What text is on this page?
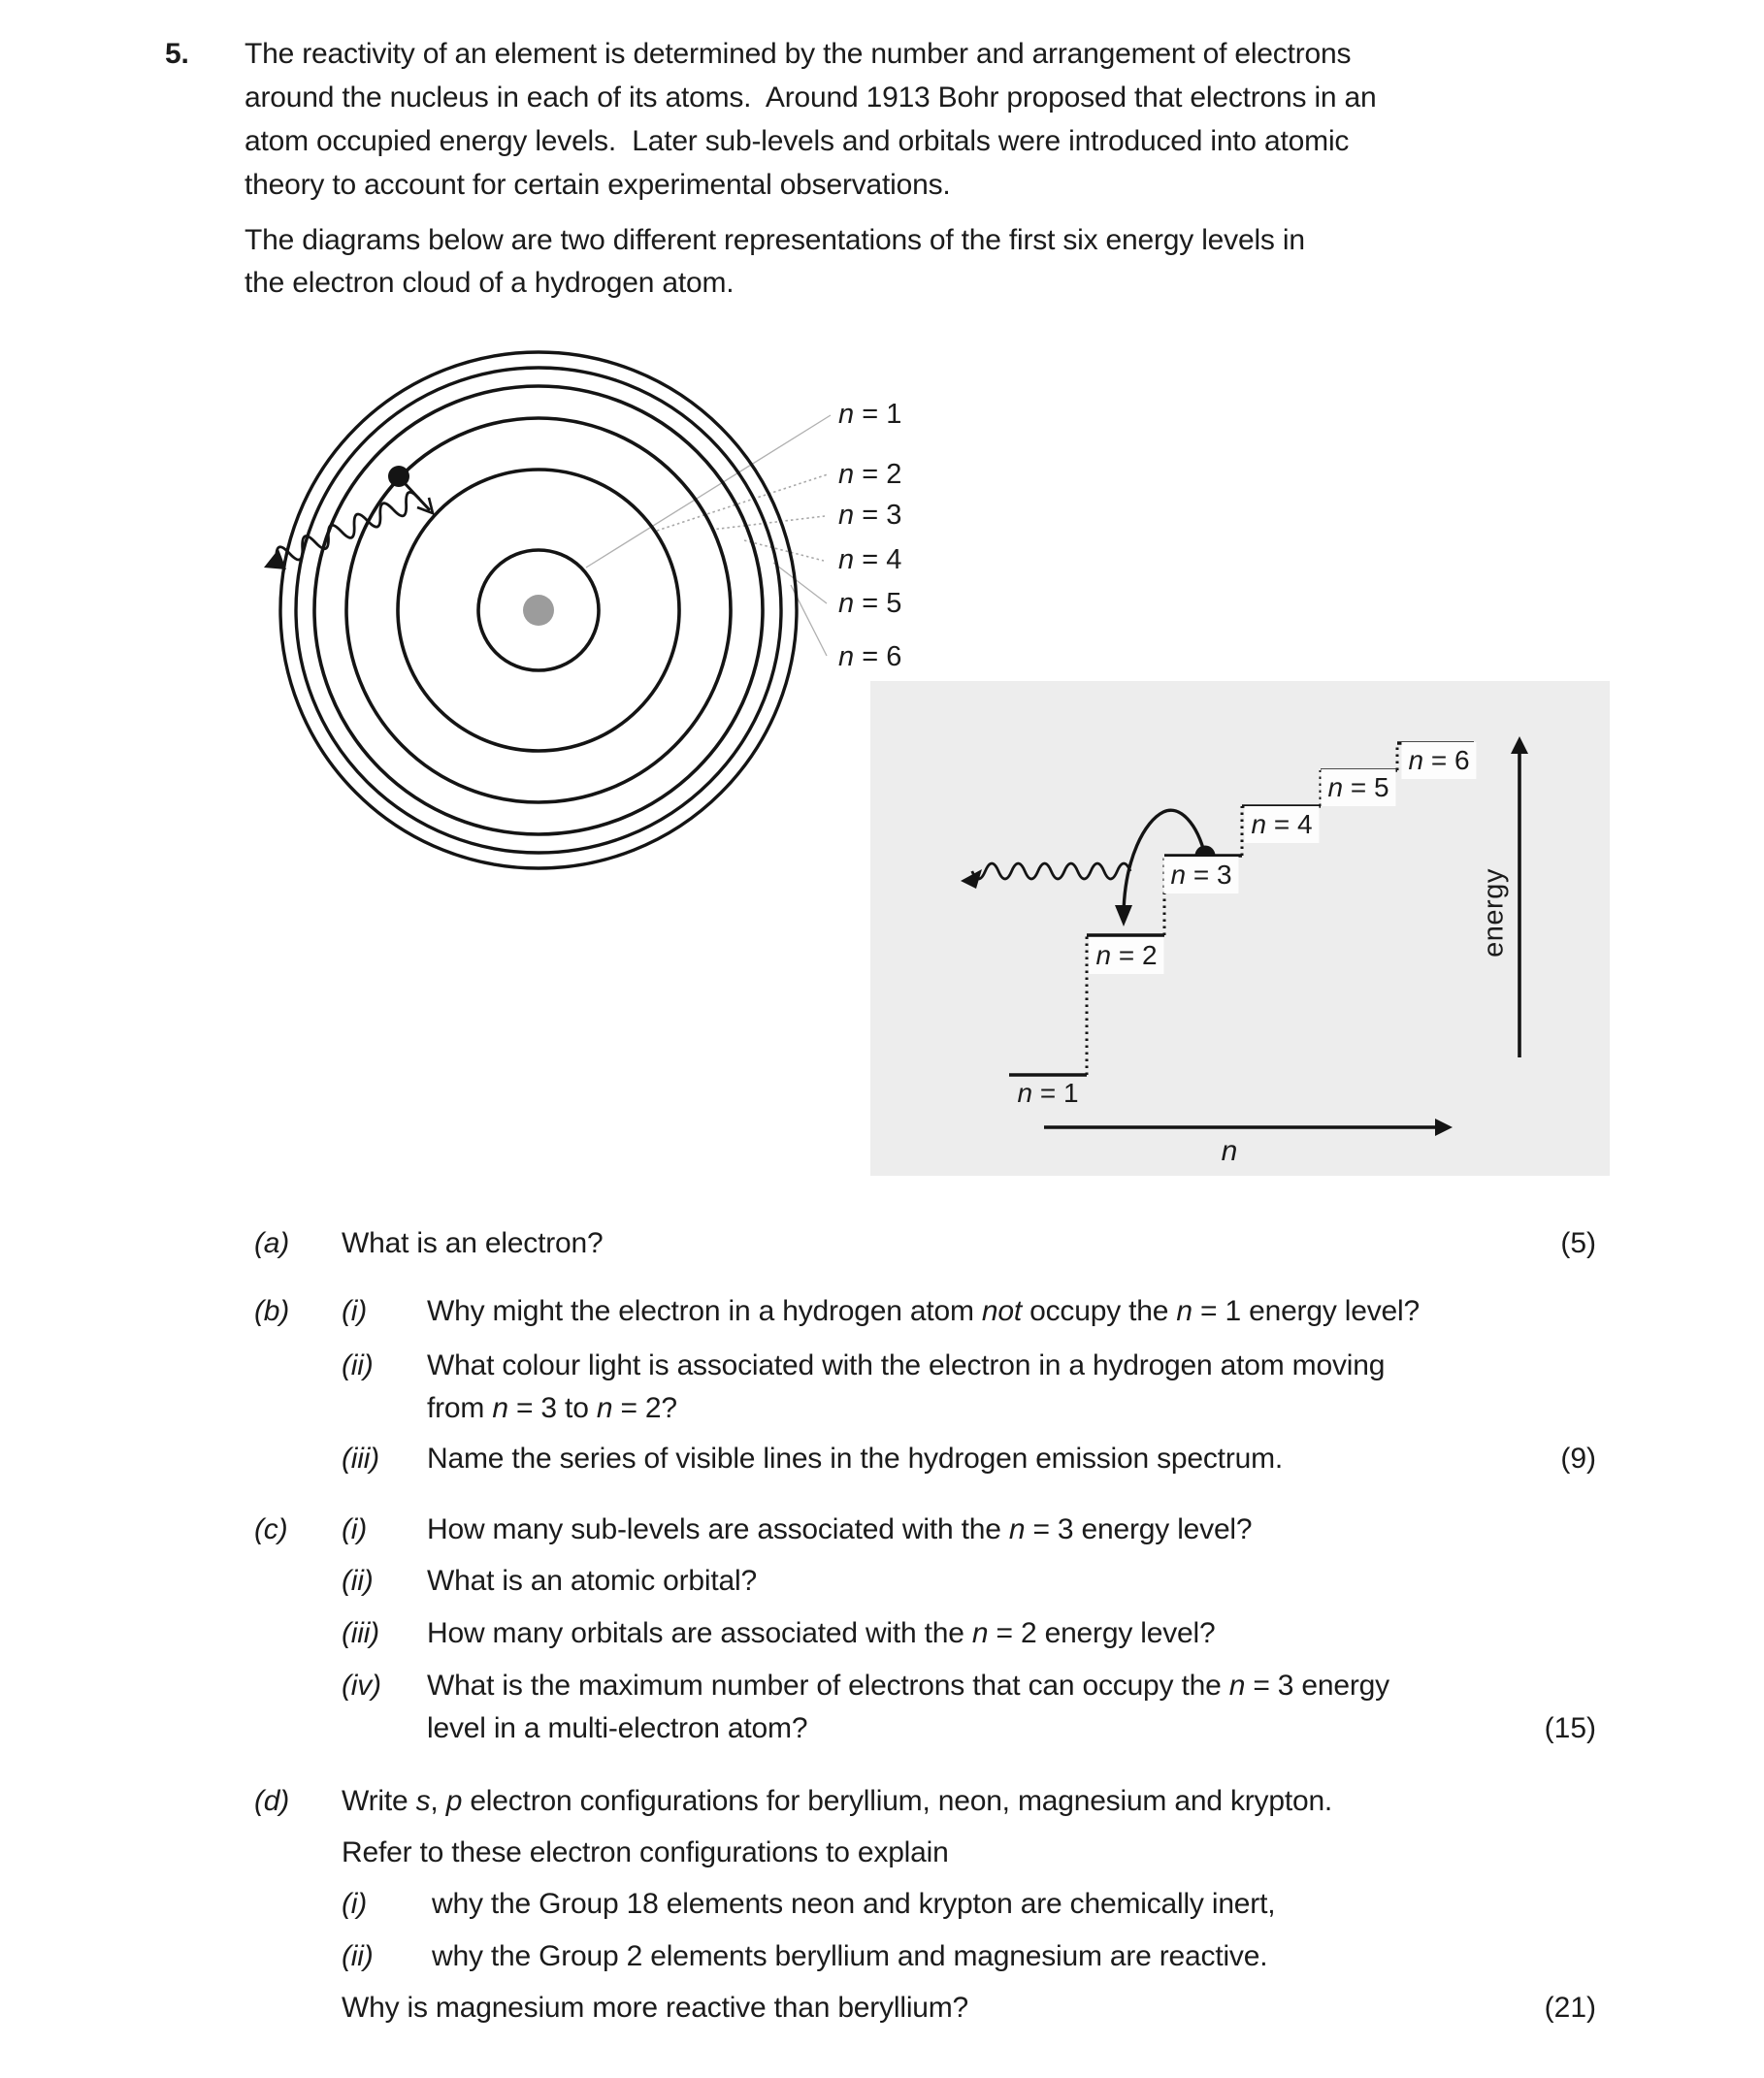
5. The reactivity of an element is determined by the number and arrangement of electrons
around the nucleus in each of its atoms.  Around 1913 Bohr proposed that electrons in an
atom occupied energy levels.  Later sub-levels and orbitals were introduced into atomic
theory to account for certain experimental observations.
The diagrams below are two different representations of the first six energy levels in
the electron cloud of a hydrogen atom.
n = 1
n = 2
n = 3
n = 4
n = 5
n = 6
n = 1
n = 2
n = 3
n = 4
n = 5
n = 6
energy
n
(a) What is an electron?	(5)
(b) (i) Why might the electron in a hydrogen atom not occupy the n = 1 energy level?
(ii) What colour light is associated with the electron in a hydrogen atom moving
from n = 3 to n = 2?
(iii) Name the series of visible lines in the hydrogen emission spectrum.	(9)
(c) (i) How many sub-levels are associated with the n = 3 energy level?
(ii) What is an atomic orbital?
(iii) How many orbitals are associated with the n = 2 energy level?
(iv) What is the maximum number of electrons that can occupy the n = 3 energy
level in a multi-electron atom?	(15)
(d) Write s, p electron configurations for beryllium, neon, magnesium and krypton.
Refer to these electron configurations to explain
(i) why the Group 18 elements neon and krypton are chemically inert,
(ii) why the Group 2 elements beryllium and magnesium are reactive.
Why is magnesium more reactive than beryllium?	(21)
